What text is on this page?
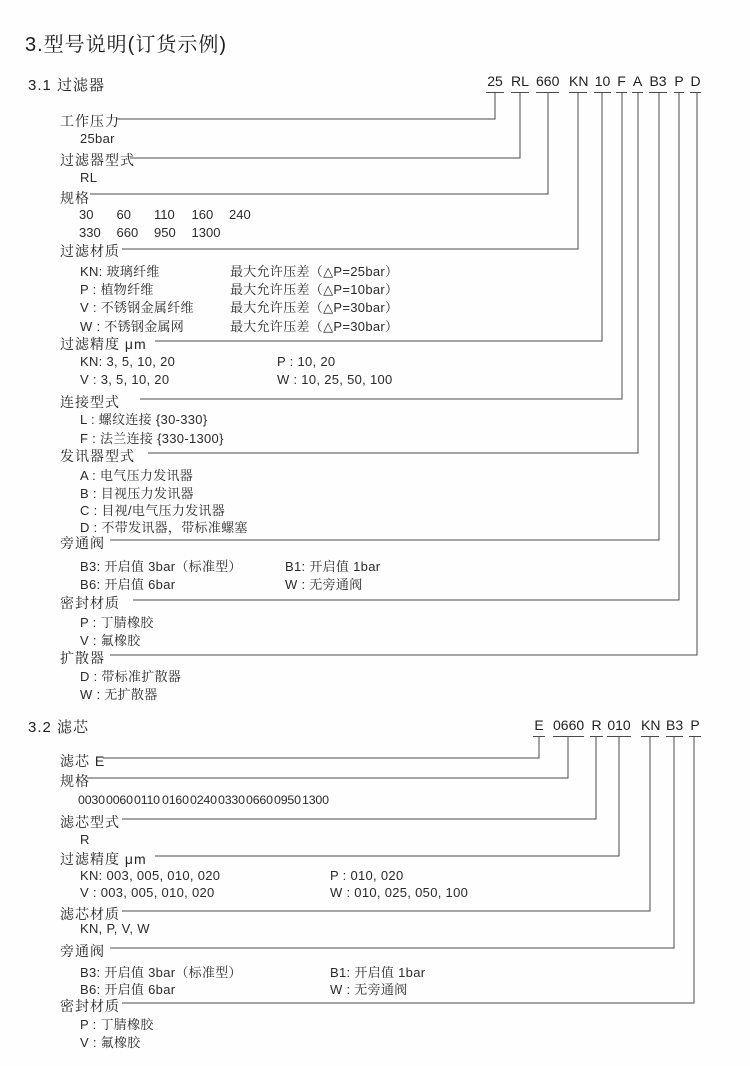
3.型号说明(订货示例)
3.1 过滤器	25 RL 660 KN 10 F A B3 P D
工作压力
25bar
过滤器型式
RL
规格
30 60 110 160 240
330 660 950 1300
过滤材质
KN: 玻璃纤维	最大允许压差（△P=25bar）
P : 植物纤维	最大允许压差（△P=10bar）
V : 不锈钢金属纤维	最大允许压差（△P=30bar）
W : 不锈钢金属网	最大允许压差（△P=30bar）
过滤精度 μm
KN: 3, 5, 10, 20	P : 10, 20
V : 3, 5, 10, 20	W : 10, 25, 50, 100
连接型式
L : 螺纹连接 {30-330}
F : 法兰连接 {330-1300}
发讯器型式
A : 电气压力发讯器
B : 目视压力发讯器
C : 目视/电气压力发讯器
D : 不带发讯器，带标准螺塞
旁通阀
B3: 开启值 3bar（标准型）	B1: 开启值 1bar
B6: 开启值 6bar	W : 无旁通阀
密封材质
P : 丁腈橡胶
V : 氟橡胶
扩散器
D : 带标准扩散器
W : 无扩散器
3.2 滤芯	E 0660 R 010 KN B3 P
滤芯 E
规格
003000600110 016002400330066009501300
滤芯型式
R
过滤精度 μm
KN: 003, 005, 010, 020	P : 010, 020
V : 003, 005, 010, 020	W : 010, 025, 050, 100
滤芯材质
KN, P, V, W
旁通阀
B3: 开启值 3bar（标准型）	B1: 开启值 1bar
B6: 开启值 6bar	W : 无旁通阀
密封材质
P : 丁腈橡胶
V : 氟橡胶
